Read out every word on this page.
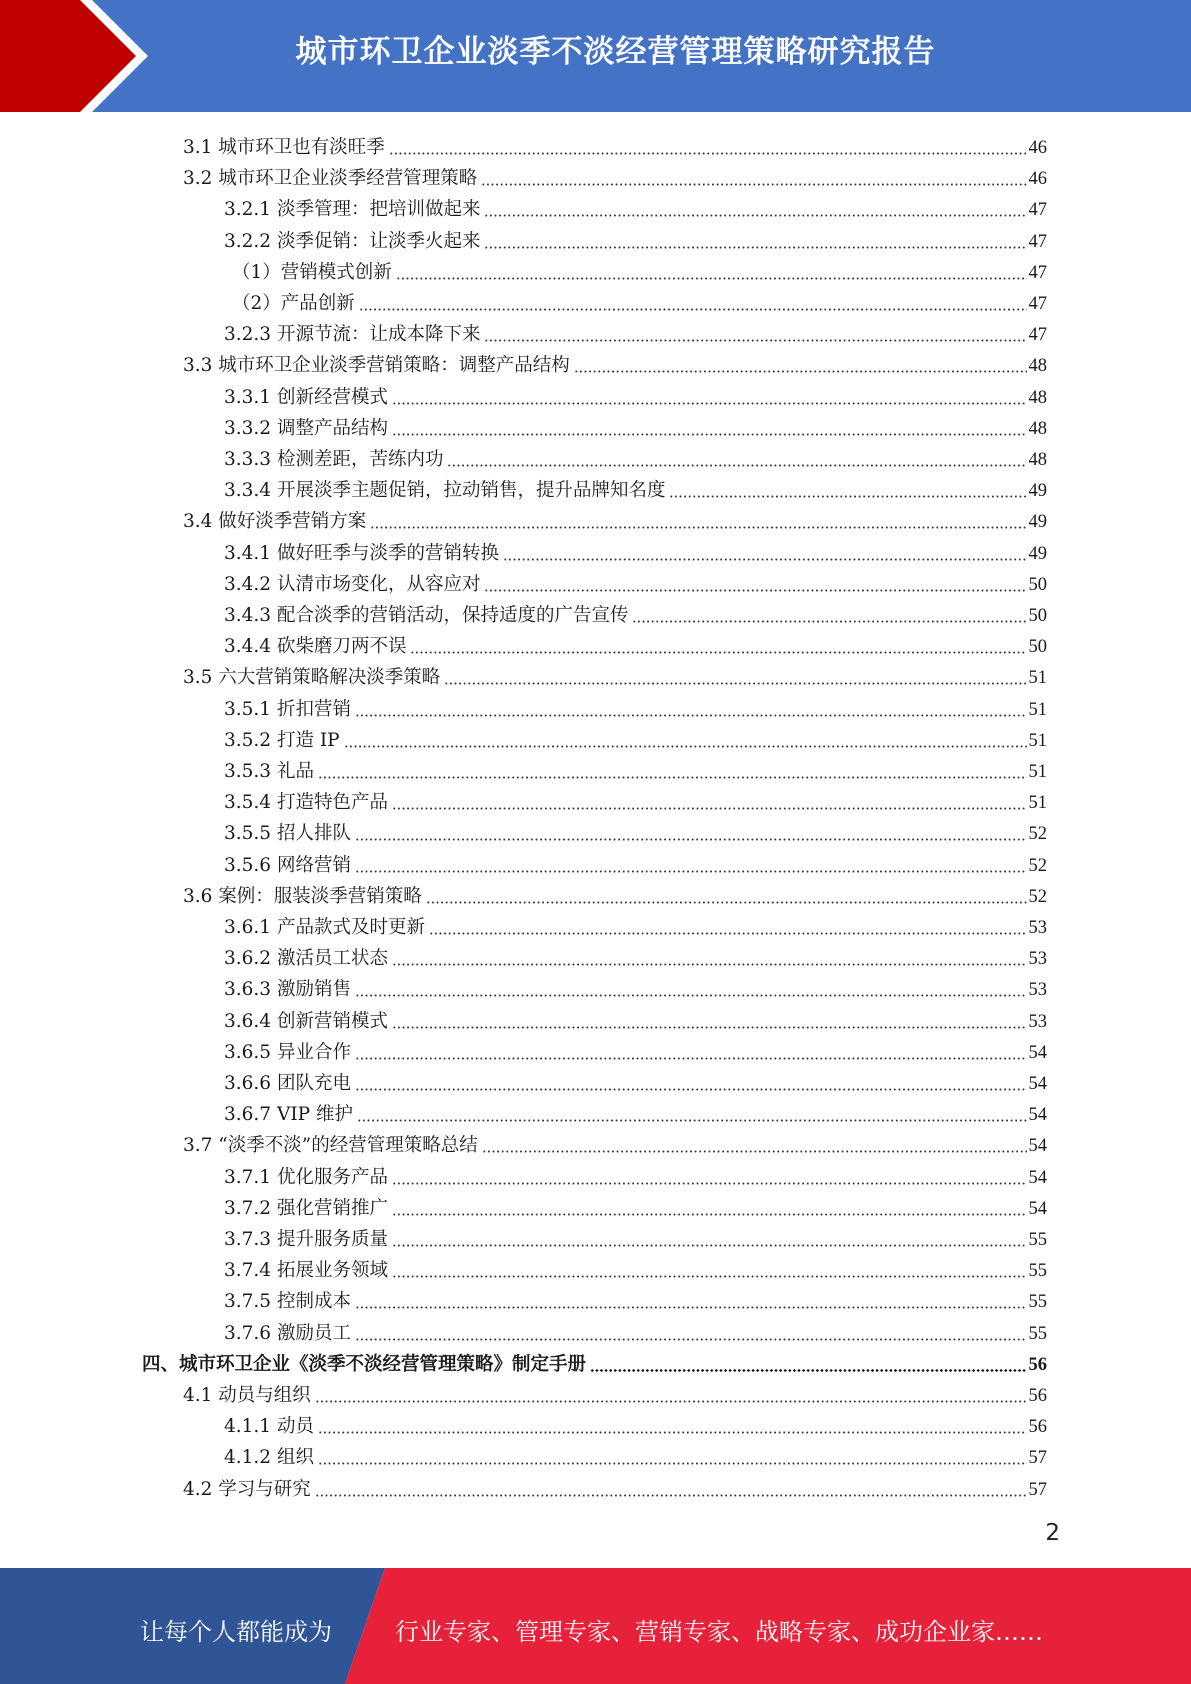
城市环卫企业淡季不淡经营管理策略研究报告
3.1 城市环卫也有淡旺季	46
3.2 城市环卫企业淡季经营管理策略	46
3.2.1 淡季管理：把培训做起来	47
3.2.2 淡季促销：让淡季火起来	47
（1）营销模式创新	47
（2）产品创新	47
3.2.3 开源节流：让成本降下来	47
3.3 城市环卫企业淡季营销策略：调整产品结构	48
3.3.1 创新经营模式	48
3.3.2 调整产品结构	48
3.3.3 检测差距，苦练内功	48
3.3.4 开展淡季主题促销，拉动销售，提升品牌知名度	49
3.4 做好淡季营销方案	49
3.4.1 做好旺季与淡季的营销转换	49
3.4.2 认清市场变化，从容应对	50
3.4.3 配合淡季的营销活动，保持适度的广告宣传	50
3.4.4 砍柴磨刀两不误	50
3.5 六大营销策略解决淡季策略	51
3.5.1 折扣营销	51
3.5.2 打造 IP	51
3.5.3 礼品	51
3.5.4 打造特色产品	51
3.5.5 招人排队	52
3.5.6 网络营销	52
3.6 案例：服装淡季营销策略	52
3.6.1 产品款式及时更新	53
3.6.2 激活员工状态	53
3.6.3 激励销售	53
3.6.4 创新营销模式	53
3.6.5 异业合作	54
3.6.6 团队充电	54
3.6.7 VIP 维护	54
3.7 “淡季不淡”的经营管理策略总结	54
3.7.1 优化服务产品	54
3.7.2 强化营销推广	54
3.7.3 提升服务质量	55
3.7.4 拓展业务领域	55
3.7.5 控制成本	55
3.7.6 激励员工	55
四、城市环卫企业《淡季不淡经营管理策略》制定手册	56
4.1 动员与组织	56
4.1.1 动员	56
4.1.2 组织	57
4.2 学习与研究	57
2
让每个人都能成为	行业专家、管理专家、营销专家、战略专家、成功企业家……
